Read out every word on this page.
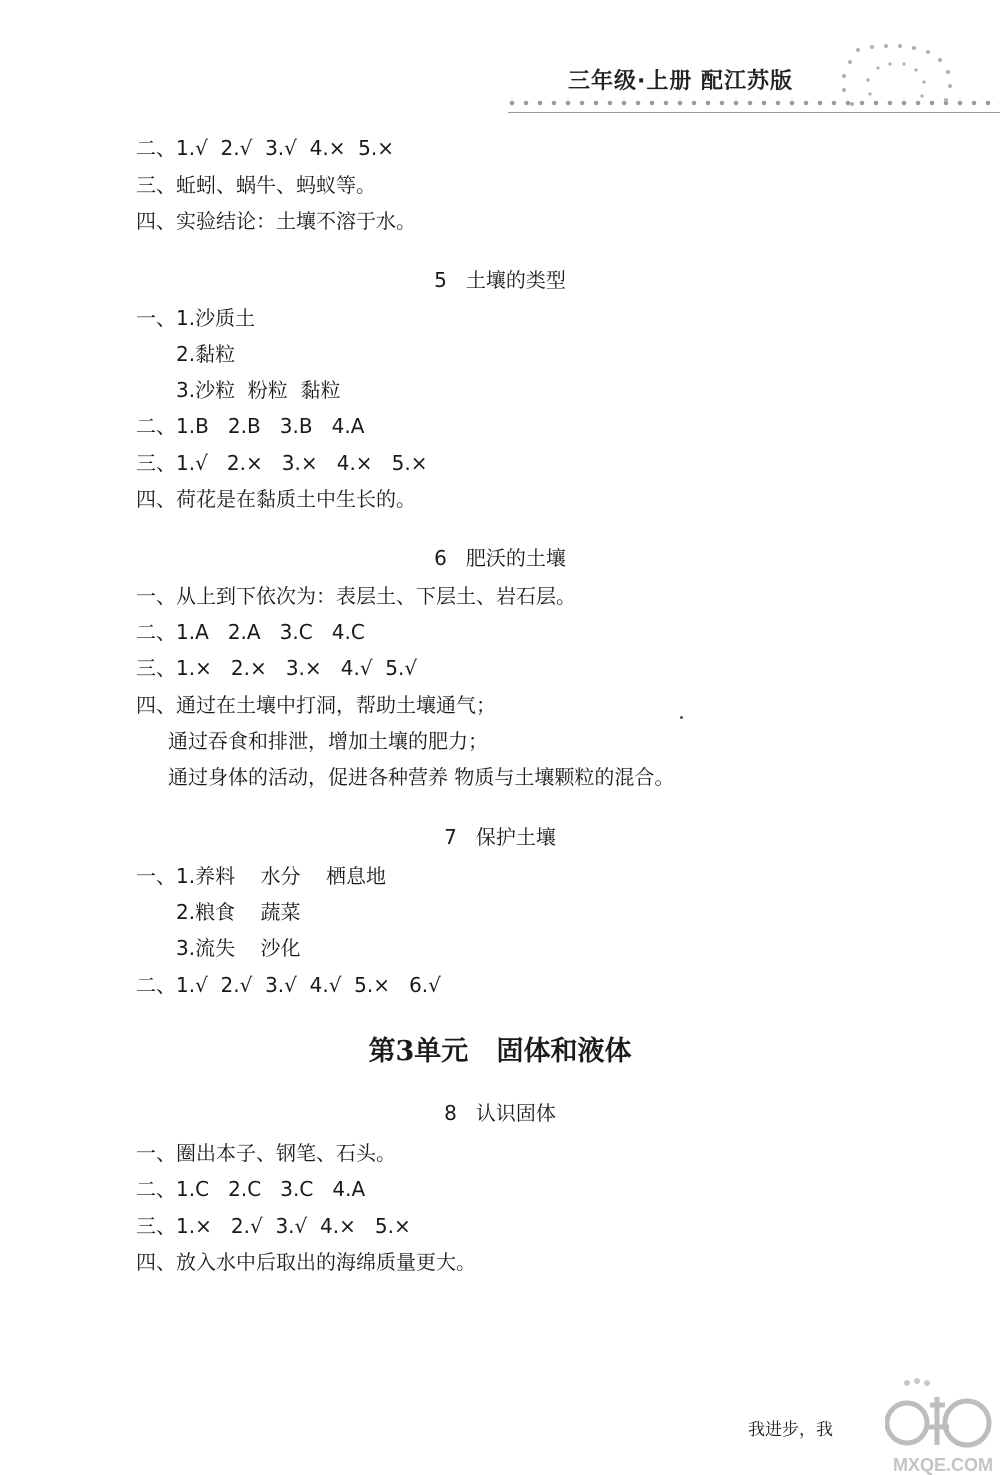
三年级·上册 配江苏版
二、1.√  2.√  3.√  4.×  5.×
三、蚯蚓、蜗牛、蚂蚁等。
四、实验结论：土壤不溶于水。
5   土壤的类型
一、1.沙质土
2.黏粒
3.沙粒  粉粒  黏粒
二、1.B   2.B   3.B   4.A
三、1.√   2.×   3.×   4.×   5.×
四、荷花是在黏质土中生长的。
6   肥沃的土壤
一、从上到下依次为：表层土、下层土、岩石层。
二、1.A   2.A   3.C   4.C
三、1.×   2.×   3.×   4.√  5.√
四、通过在土壤中打洞，帮助土壤通气；
通过吞食和排泄，增加土壤的肥力；
通过身体的活动，促进各种营养 物质与土壤颗粒的混合。
7   保护土壤
一、1.养料    水分    栖息地
2.粮食    蔬菜
3.流失    沙化
二、1.√  2.√  3.√  4.√  5.×   6.√
第3单元   固体和液体
8   认识固体
一、圈出本子、钢笔、石头。
二、1.C   2.C   3.C   4.A
三、1.×   2.√  3.√  4.×   5.×
四、放入水中后取出的海绵质量更大。
我进步，我
MXQE.COM
